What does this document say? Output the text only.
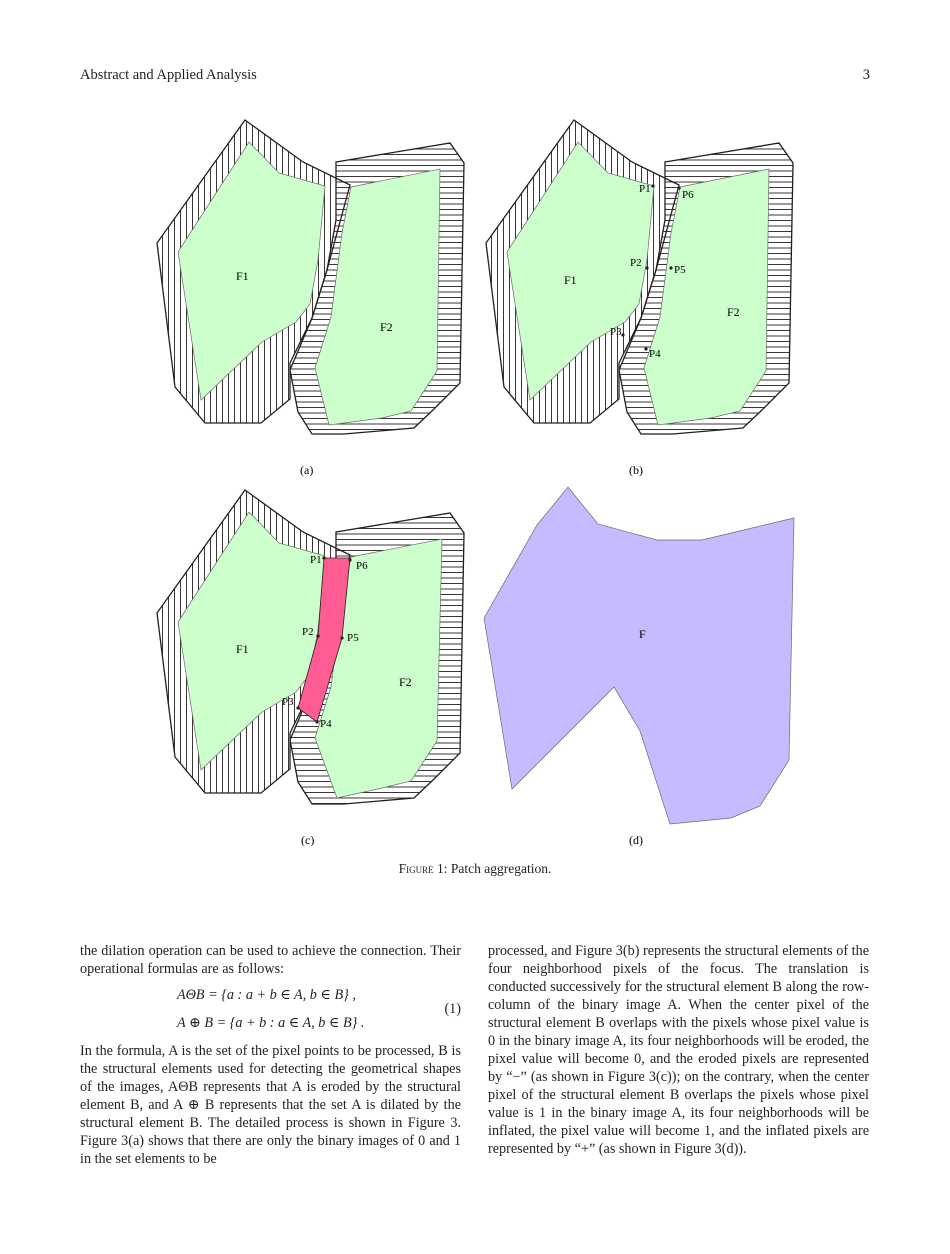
Abstract and Applied Analysis	3
F1
F2
(a)
F1
F2
P1
P2
P3
P4
P5
P6
(b)
F1
F2
P1
P2
P3
P4
P5
P6
(c)
F
(d)
Figure 1: Patch aggregation.

the dilation operation can be used to achieve the connection. Their operational formulas are as follows:

AΘB = {a : a + b ∈ A, b ∈ B} ,
A ⊕ B = {a + b : a ∈ A, b ∈ B} .
(1)

In the formula, A is the set of the pixel points to be processed, B is the structural elements used for detecting the geometrical shapes of the images, AΘB represents that A is eroded by the structural element B, and A ⊕ B represents that the set A is dilated by the structural element B. The detailed process is shown in Figure 3. Figure 3(a) shows that there are only the binary images of 0 and 1 in the set elements to be

processed, and Figure 3(b) represents the structural elements of the four neighborhood pixels of the focus. The translation is conducted successively for the structural element B along the row-column of the binary image A. When the center pixel of the structural element B overlaps with the pixels whose pixel value is 0 in the binary image A, its four neighborhoods will be eroded, the pixel value will become 0, and the eroded pixels are represented by “−” (as shown in Figure 3(c)); on the contrary, when the center pixel of the structural element B overlaps the pixels whose pixel value is 1 in the binary image A, its four neighborhoods will be inflated, the pixel value will become 1, and the inflated pixels are represented by “+” (as shown in Figure 3(d)).
